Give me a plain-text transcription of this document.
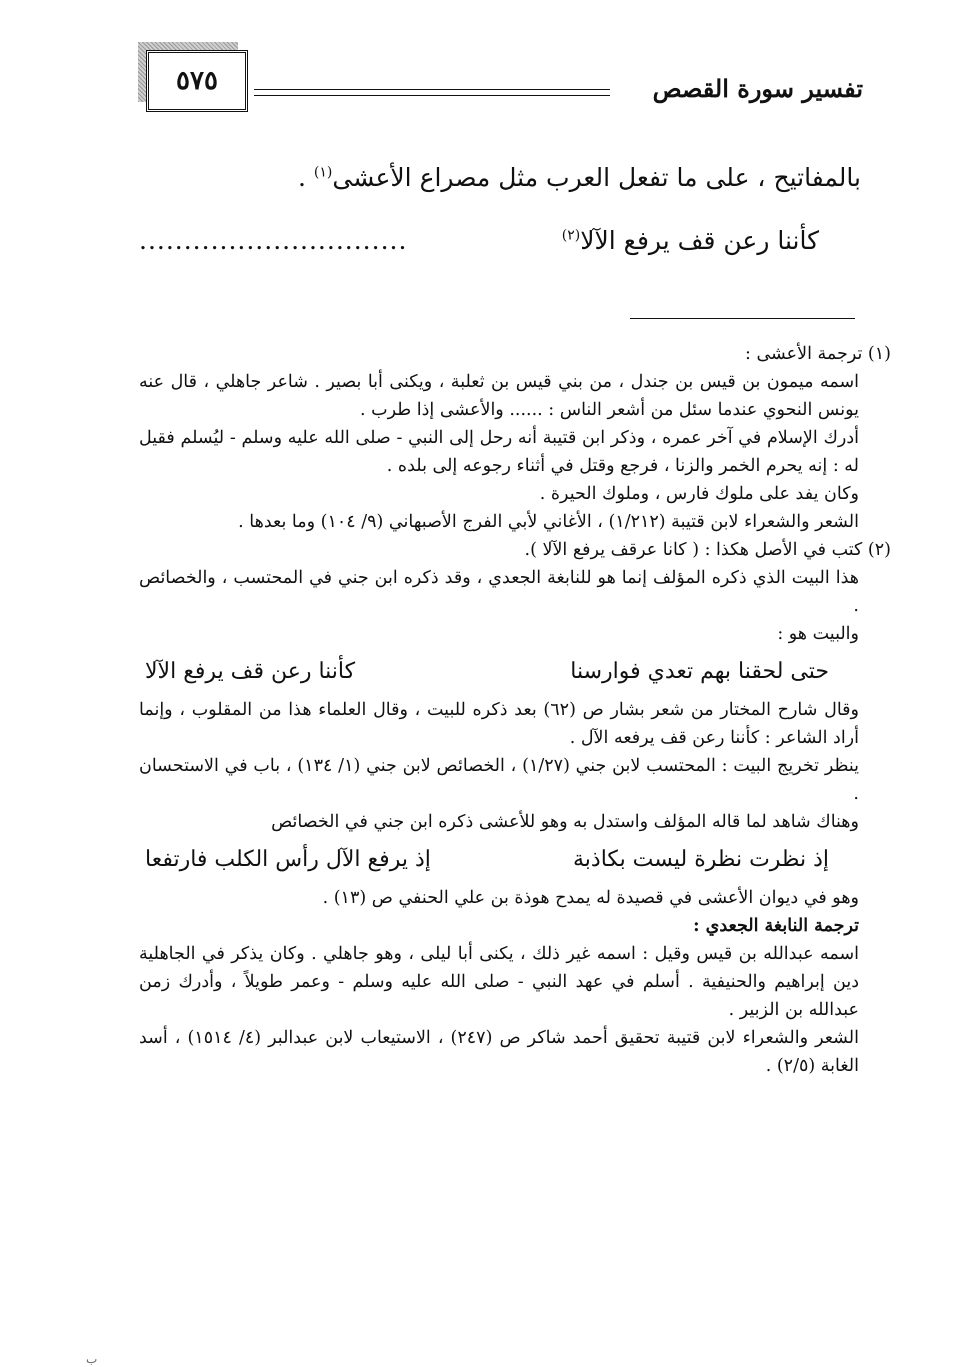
٥٧٥	تفسير سورة القصص
بالمفاتيح ، على ما تفعل العرب مثل مصراع الأعشى$^{(١)}$ .
كأننا رعن قف يرفع الآلا$^{(٢)}$
..............................

(١) ترجمة الأعشى :

اسمه ميمون بن قيس بن جندل ، من بني قيس بن ثعلبة ، ويكنى أبا بصير . شاعر جاهلي ، قال عنه يونس النحوي عندما سئل من أشعر الناس : ...... والأعشى إذا طرب .

أدرك الإسلام في آخر عمره ، وذكر ابن قتيبة أنه رحل إلى النبي - صلى الله عليه وسلم - ليُسلم فقيل له : إنه يحرم الخمر والزنا ، فرجع وقتل في أثناء رجوعه إلى بلده .

وكان يفد على ملوك فارس ، وملوك الحيرة .

الشعر والشعراء لابن قتيبة (١/٢١٢) ، الأغاني لأبي الفرج الأصبهاني (٩/ ١٠٤) وما بعدها .

(٢) كتب في الأصل هكذا : ( كانا عرقف يرفع الآلا ).

هذا البيت الذي ذكره المؤلف إنما هو للنابغة الجعدي ، وقد ذكره ابن جني في المحتسب ، والخصائص .

والبيت هو :

حتى لحقنا بهم تعدي فوارسنا
كأننا رعن قف يرفع الآلا

وقال شارح المختار من شعر بشار ص (٦٢) بعد ذكره للبيت ، وقال العلماء هذا من المقلوب ، وإنما أراد الشاعر : كأننا رعن قف يرفعه الآل .

ينظر تخريج البيت : المحتسب لابن جني (١/٢٧) ، الخصائص لابن جني (١/ ١٣٤) ، باب في الاستحسان .

وهناك شاهد لما قاله المؤلف واستدل به وهو للأعشى ذكره ابن جني في الخصائص

إذ نظرت نظرة ليست بكاذبة
إذ يرفع الآل رأس الكلب فارتفعا

وهو في ديوان الأعشى في قصيدة له يمدح هوذة بن علي الحنفي ص (١٣) .

ترجمة النابغة الجعدي :

اسمه عبدالله بن قيس وقيل : اسمه غير ذلك ، يكنى أبا ليلى ، وهو جاهلي . وكان يذكر في الجاهلية دين إبراهيم والحنيفية . أسلم في عهد النبي - صلى الله عليه وسلم - وعمر طويلاً ، وأدرك زمن عبدالله بن الزبير .

الشعر والشعراء لابن قتيبة تحقيق أحمد شاكر ص (٢٤٧) ، الاستيعاب لابن عبدالبر (٤/ ١٥١٤) ، أسد الغابة (٢/٥) .

ب
